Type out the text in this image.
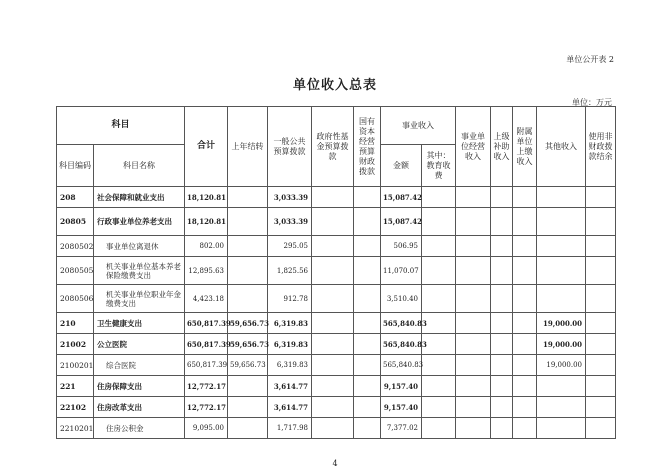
单位公开表 2
单位收入总表
单位：万元
科目		合计	上年结转	一般公共预算拨款	政府性基金预算拨款	国有资本经营预算财政拨款	事业收入		事业单位经营收入	上级补助收入	附属单位上缴收入	其他收入	使用非财政拨款结余
科目编码	科目名称						金额	其中：教育收费					
208	社会保障和就业支出	18,120.81		3,033.39			15,087.42						
20805	行政事业单位养老支出	18,120.81		3,033.39			15,087.42						
2080502	事业单位离退休	802.00		295.05			506.95						
2080505	机关事业单位基本养老保险缴费支出	12,895.63		1,825.56			11,070.07						
2080506	机关事业单位职业年金缴费支出	4,423.18		912.78			3,510.40						
210	卫生健康支出	650,817.39	59,656.73	6,319.83			565,840.83					19,000.00	
21002	公立医院	650,817.39	59,656.73	6,319.83			565,840.83					19,000.00	
2100201	综合医院	650,817.39	59,656.73	6,319.83			565,840.83					19,000.00	
221	住房保障支出	12,772.17		3,614.77			9,157.40						
22102	住房改革支出	12,772.17		3,614.77			9,157.40						
2210201	住房公积金	9,095.00		1,717.98			7,377.02						
4
